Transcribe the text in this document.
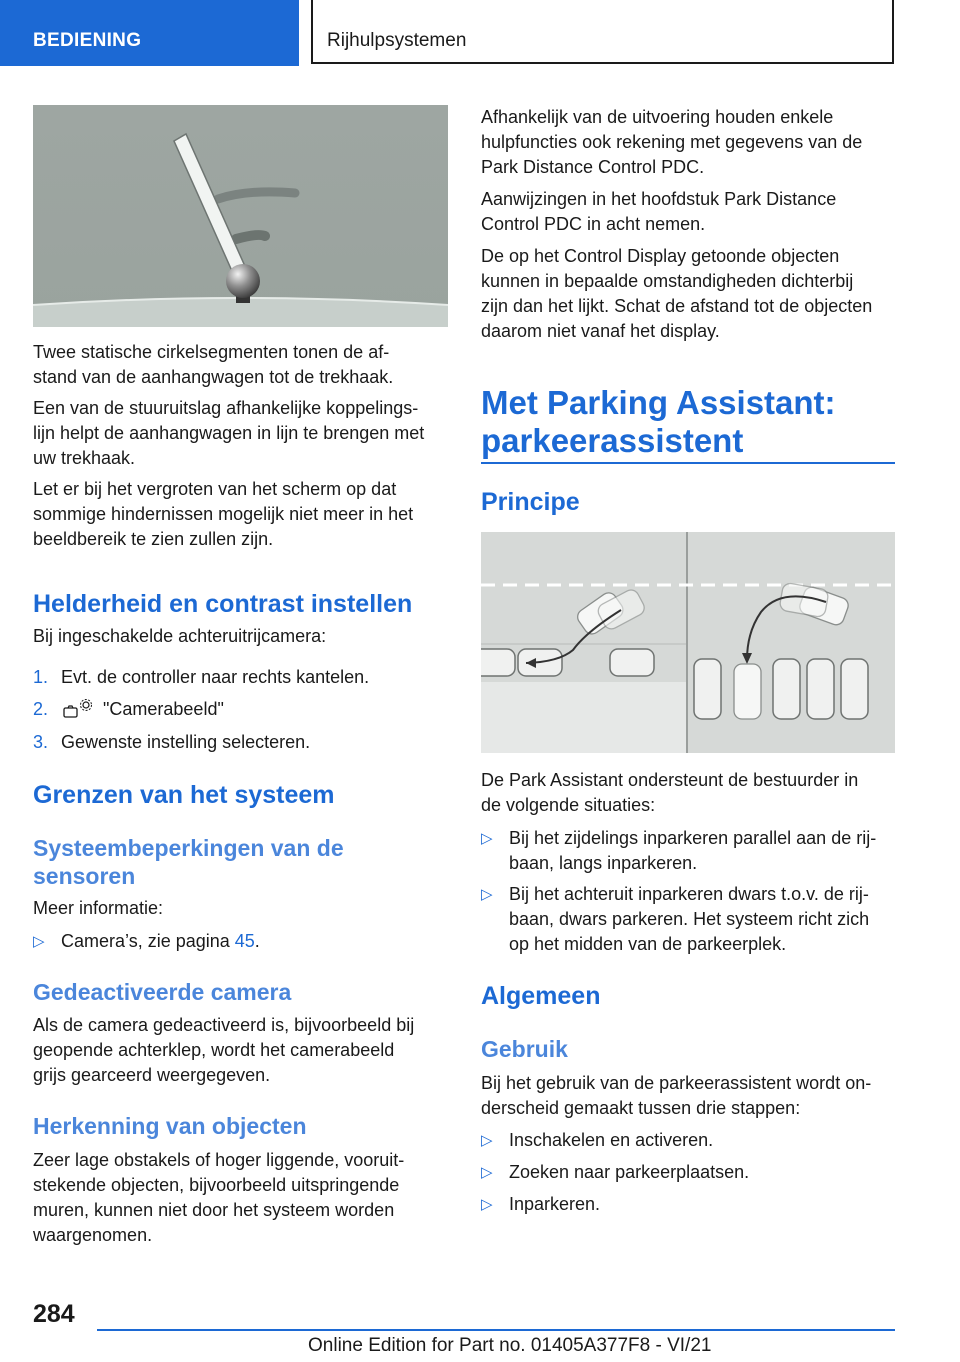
BEDIENING	Rijhulpsystemen

Twee statische cirkelsegmenten tonen de af-
stand van de aanhangwagen tot de trekhaak.

Een van de stuuruitslag afhankelijke koppelings-
lijn helpt de aanhangwagen in lijn te brengen met
uw trekhaak.

Let er bij het vergroten van het scherm op dat
sommige hindernissen mogelijk niet meer in het
beeldbereik te zien zullen zijn.

Helderheid en contrast instellen

Bij ingeschakelde achteruitrijcamera:

1. Evt. de controller naar rechts kantelen.
2.	"Camerabeeld"
3. Gewenste instelling selecteren.
Grenzen van het systeem
Systeembeperkingen van de
sensoren

Meer informatie:

▷ Camera’s, zie pagina 45.
Gedeactiveerde camera

Als de camera gedeactiveerd is, bijvoorbeeld bij
geopende achterklep, wordt het camerabeeld
grijs gearceerd weergegeven.

Herkenning van objecten

Zeer lage obstakels of hoger liggende, vooruit-
stekende objecten, bijvoorbeeld uitspringende
muren, kunnen niet door het systeem worden
waargenomen.

Afhankelijk van de uitvoering houden enkele
hulpfuncties ook rekening met gegevens van de
Park Distance Control PDC.

Aanwijzingen in het hoofdstuk Park Distance
Control PDC in acht nemen.

De op het Control Display getoonde objecten
kunnen in bepaalde omstandigheden dichterbij
zijn dan het lijkt. Schat de afstand tot de objecten
daarom niet vanaf het display.

Met Parking Assistant:
parkeerassistent
Principe

De Park Assistant ondersteunt de bestuurder in
de volgende situaties:

▷ Bij het zijdelings inparkeren parallel aan de rij-
baan, langs inparkeren.
▷ Bij het achteruit inparkeren dwars t.o.v. de rij-
baan, dwars parkeren. Het systeem richt zich
op het midden van de parkeerplek.
Algemeen
Gebruik

Bij het gebruik van de parkeerassistent wordt on-
derscheid gemaakt tussen drie stappen:

▷ Inschakelen en activeren.
▷ Zoeken naar parkeerplaatsen.
▷ Inparkeren.
284
Online Edition for Part no. 01405A377F8 - VI/21
